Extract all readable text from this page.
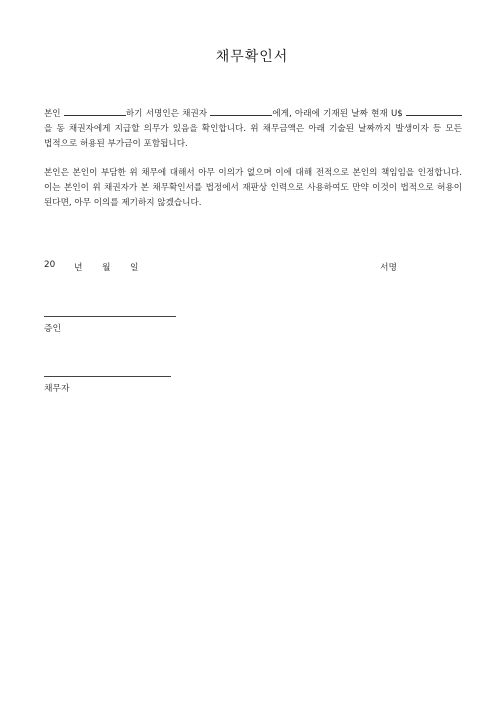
채무확인서

본인	하기 서명인은 채권자	에게, 아래에 기재된 날짜 현재 U$ 을 동 채권자에게 지급할 의무가 있음을 확인합니다. 위 채무금액은 아래 기술된 날짜까지 발생이자 등 모든 법적으로 허용된 부가금이 포함됩니다.

본인은 본인이 부담한 위 채무에 대해서 아무 이의가 없으며 이에 대해 전적으로 본인의 책임임을 인정합니다. 이는 본인이 위 채권자가 본 채무확인서를 법정에서 재판상 인력으로 사용하여도 만약 이것이 법적으로 허용이 된다면, 아무 이의를 제기하지 않겠습니다.

20 년 월 일	서명
증인
채무자
